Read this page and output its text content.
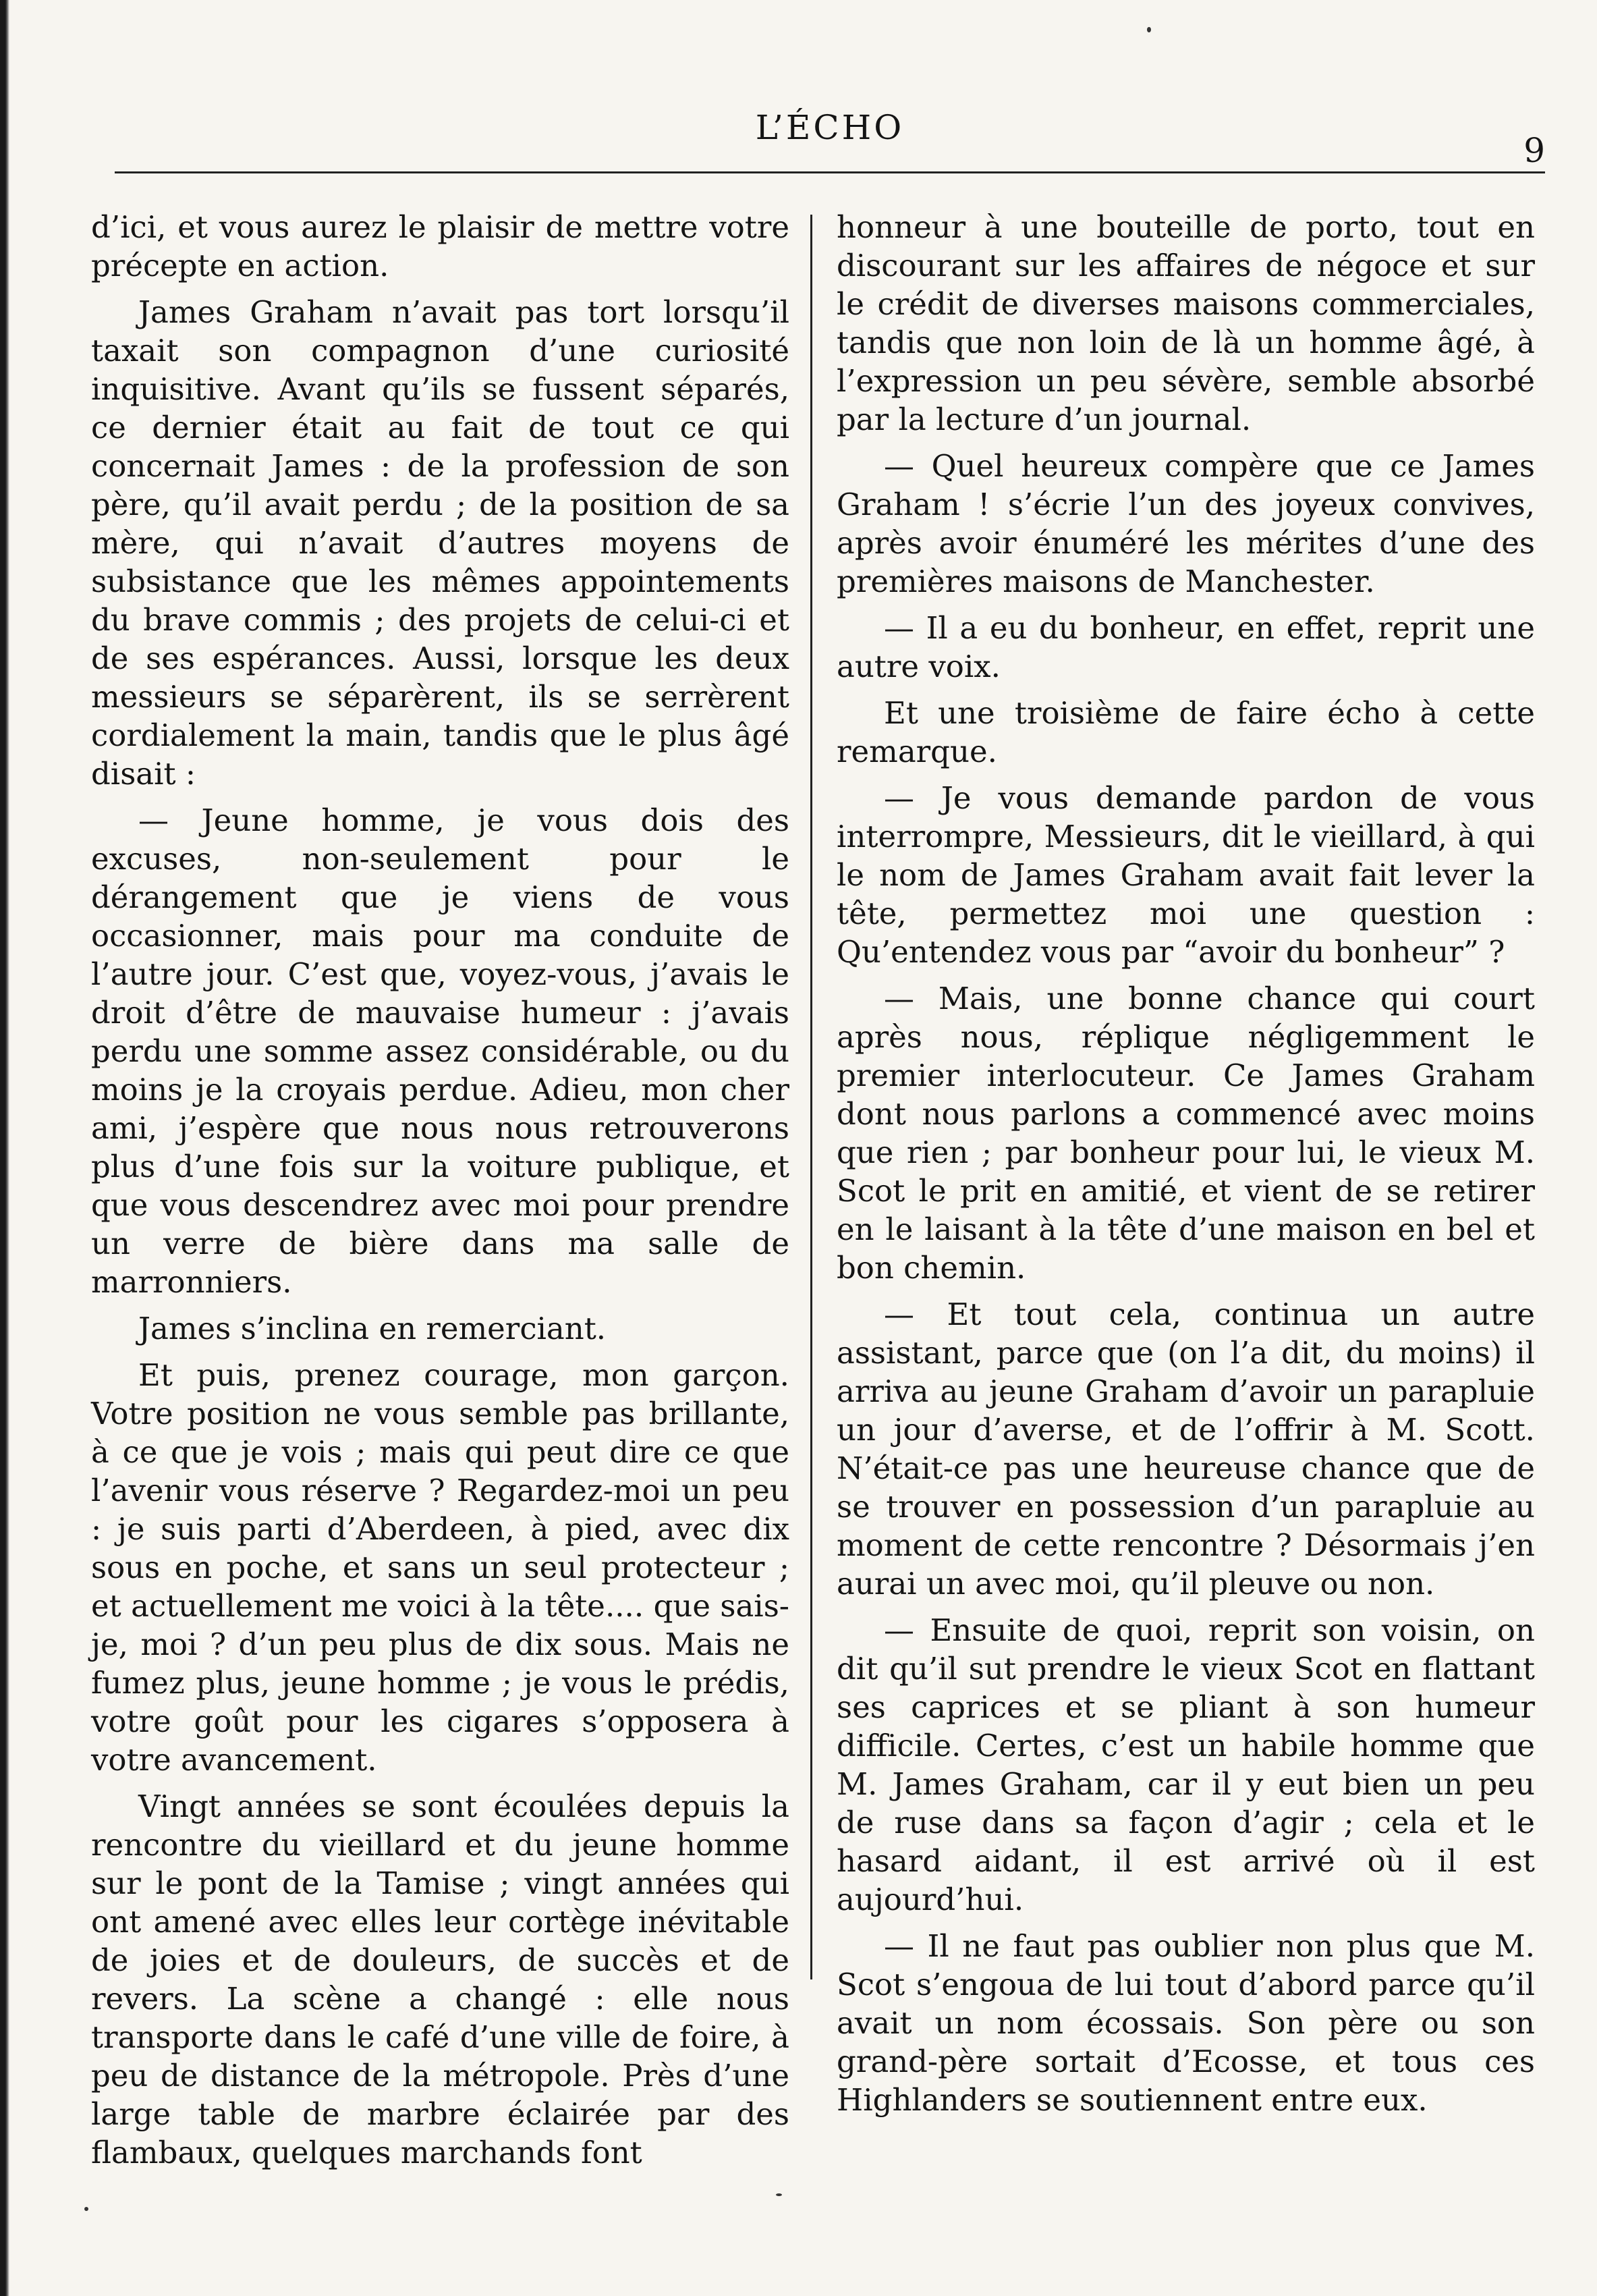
L’ÉCHO
9

d’ici, et vous aurez le plaisir de mettre votre précepte en action.

James Graham n’avait pas tort lorsqu’il taxait son compagnon d’une curiosité inquisitive. Avant qu’ils se fussent séparés, ce dernier était au fait de tout ce qui concernait James : de la profession de son père, qu’il avait perdu ; de la position de sa mère, qui n’avait d’autres moyens de subsistance que les mêmes appointements du brave commis ; des projets de celui-ci et de ses espérances. Aussi, lorsque les deux messieurs se séparèrent, ils se serrèrent cordialement la main, tandis que le plus âgé disait :

— Jeune homme, je vous dois des excuses, non-seulement pour le dérangement que je viens de vous occasionner, mais pour ma conduite de l’autre jour. C’est que, voyez-vous, j’avais le droit d’être de mauvaise humeur : j’avais perdu une somme assez considérable, ou du moins je la croyais perdue. Adieu, mon cher ami, j’espère que nous nous retrouverons plus d’une fois sur la voiture publique, et que vous descendrez avec moi pour prendre un verre de bière dans ma salle de marronniers.

James s’inclina en remerciant.

Et puis, prenez courage, mon garçon. Votre position ne vous semble pas brillante, à ce que je vois ; mais qui peut dire ce que l’avenir vous réserve ? Regardez-moi un peu : je suis parti d’Aberdeen, à pied, avec dix sous en poche, et sans un seul protecteur ; et actuellement me voici à la tête.... que sais-je, moi ? d’un peu plus de dix sous. Mais ne fumez plus, jeune homme ; je vous le prédis, votre goût pour les cigares s’opposera à votre avancement.

Vingt années se sont écoulées depuis la rencontre du vieillard et du jeune homme sur le pont de la Tamise ; vingt années qui ont amené avec elles leur cortège inévitable de joies et de douleurs, de succès et de revers. La scène a changé : elle nous transporte dans le café d’une ville de foire, à peu de distance de la métropole. Près d’une large table de marbre éclairée par des flambaux, quelques marchands font

honneur à une bouteille de porto, tout en discourant sur les affaires de négoce et sur le crédit de diverses maisons commerciales, tandis que non loin de là un homme âgé, à l’expression un peu sévère, semble absorbé par la lecture d’un journal.

— Quel heureux compère que ce James Graham ! s’écrie l’un des joyeux convives, après avoir énuméré les mérites d’une des premières maisons de Manchester.

— Il a eu du bonheur, en effet, reprit une autre voix.

Et une troisième de faire écho à cette remarque.

— Je vous demande pardon de vous interrompre, Messieurs, dit le vieillard, à qui le nom de James Graham avait fait lever la tête, permettez moi une question : Qu’entendez vous par “avoir du bonheur” ?

— Mais, une bonne chance qui court après nous, réplique négligemment le premier interlocuteur. Ce James Graham dont nous parlons a commencé avec moins que rien ; par bonheur pour lui, le vieux M. Scot le prit en amitié, et vient de se retirer en le laisant à la tête d’une maison en bel et bon chemin.

— Et tout cela, continua un autre assistant, parce que (on l’a dit, du moins) il arriva au jeune Graham d’avoir un parapluie un jour d’averse, et de l’offrir à M. Scott. N’était-ce pas une heureuse chance que de se trouver en possession d’un parapluie au moment de cette rencontre ? Désormais j’en aurai un avec moi, qu’il pleuve ou non.

— Ensuite de quoi, reprit son voisin, on dit qu’il sut prendre le vieux Scot en flattant ses caprices et se pliant à son humeur difficile. Certes, c’est un habile homme que M. James Graham, car il y eut bien un peu de ruse dans sa façon d’agir ; cela et le hasard aidant, il est arrivé où il est aujourd’hui.

— Il ne faut pas oublier non plus que M. Scot s’engoua de lui tout d’abord parce qu’il avait un nom écossais. Son père ou son grand-père sortait d’Ecosse, et tous ces Highlanders se soutiennent entre eux.
